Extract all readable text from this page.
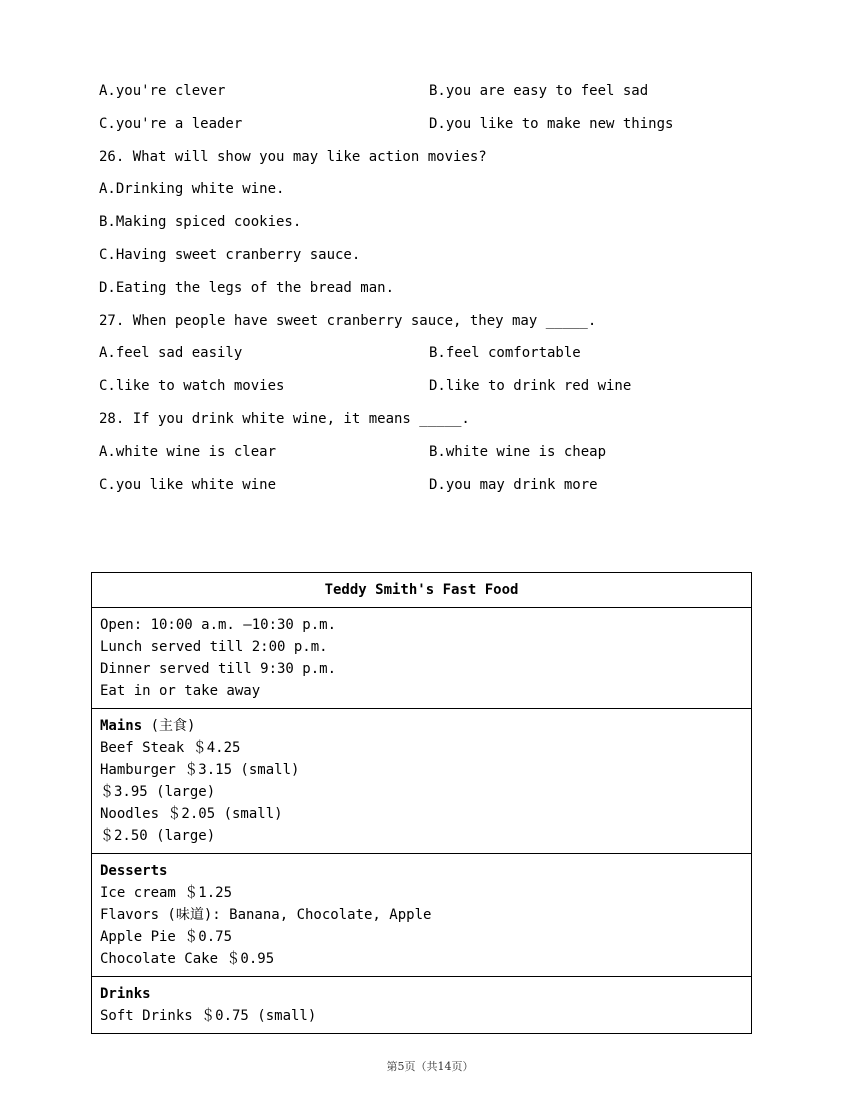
A.you're clever	B.you are easy to feel sad
C.you're a leader	D.you like to make new things
26. What will show you may like action movies?
A.Drinking white wine.
B.Making spiced cookies.
C.Having sweet cranberry sauce.
D.Eating the legs of the bread man.
27. When people have sweet cranberry sauce, they may _____.
A.feel sad easily	B.feel comfortable
C.like to watch movies	D.like to drink red wine
28. If you drink white wine, it means _____.
A.white wine is clear	B.white wine is cheap
C.you like white wine	D.you may drink more
Teddy Smith's Fast Food

Open: 10:00 a.m. —10:30 p.m.
Lunch served till 2:00 p.m.
Dinner served till 9:30 p.m.
Eat in or take away

Mains (主食)
Beef Steak ＄4.25
Hamburger ＄3.15 (small)
＄3.95 (large)
Noodles ＄2.05 (small)
＄2.50 (large)

Desserts
Ice cream ＄1.25
Flavors (味道): Banana, Chocolate, Apple
Apple Pie ＄0.75
Chocolate Cake ＄0.95

Drinks
Soft Drinks ＄0.75 (small)
第5页（共14页）
